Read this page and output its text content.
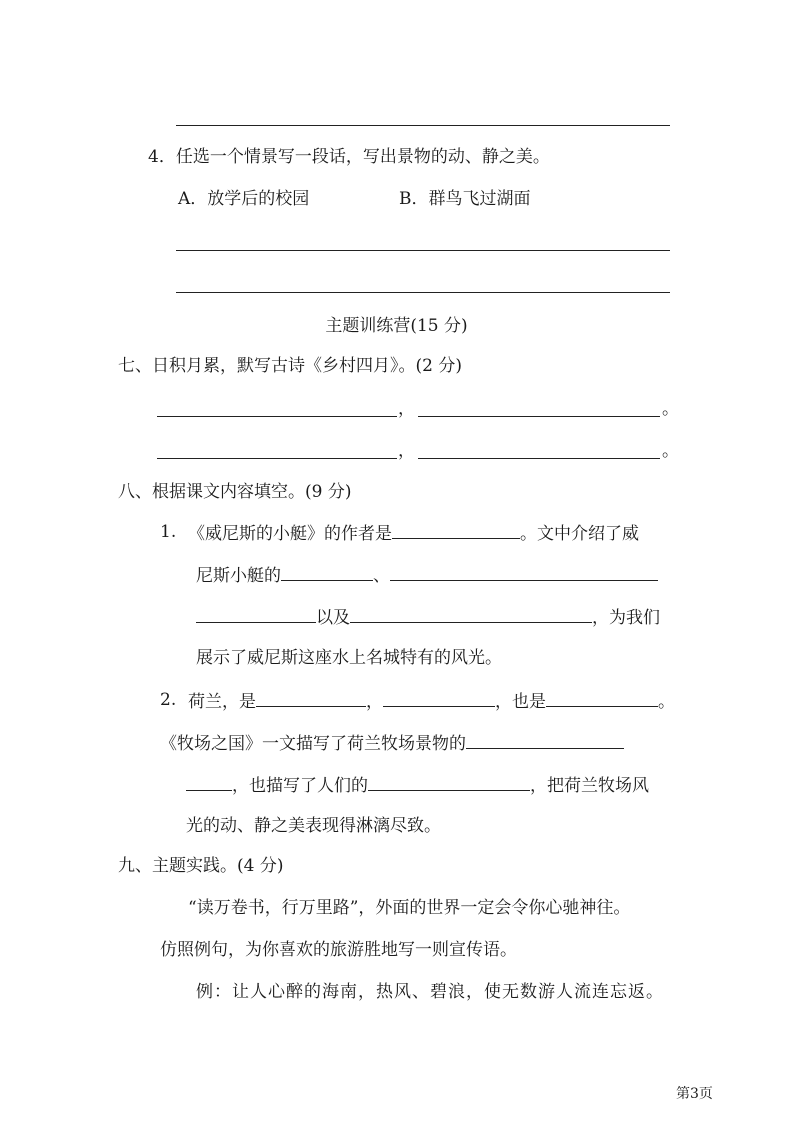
4．任选一个情景写一段话，写出景物的动、静之美。
A．放学后的校园	B．群鸟飞过湖面
主题训练营(15 分)
七、日积月累，默写古诗《乡村四月》。(2 分)
，	。
，	。
八、根据课文内容填空。(9 分)
1. 《威尼斯的小艇》的作者是	。文中介绍了威
尼斯小艇的	、
以及	，为我们
展示了威尼斯这座水上名城特有的风光。
2. 荷兰，是	，	，也是	。
《牧场之国》一文描写了荷兰牧场景物的
，也描写了人们的	，把荷兰牧场风
光的动、静之美表现得淋漓尽致。
九、主题实践。(4 分)
“读万卷书，行万里路”，外面的世界一定会令你心驰神往。
仿照例句，为你喜欢的旅游胜地写一则宣传语。
例：让人心醉的海南，热风、碧浪，使无数游人流连忘返。
第3页
